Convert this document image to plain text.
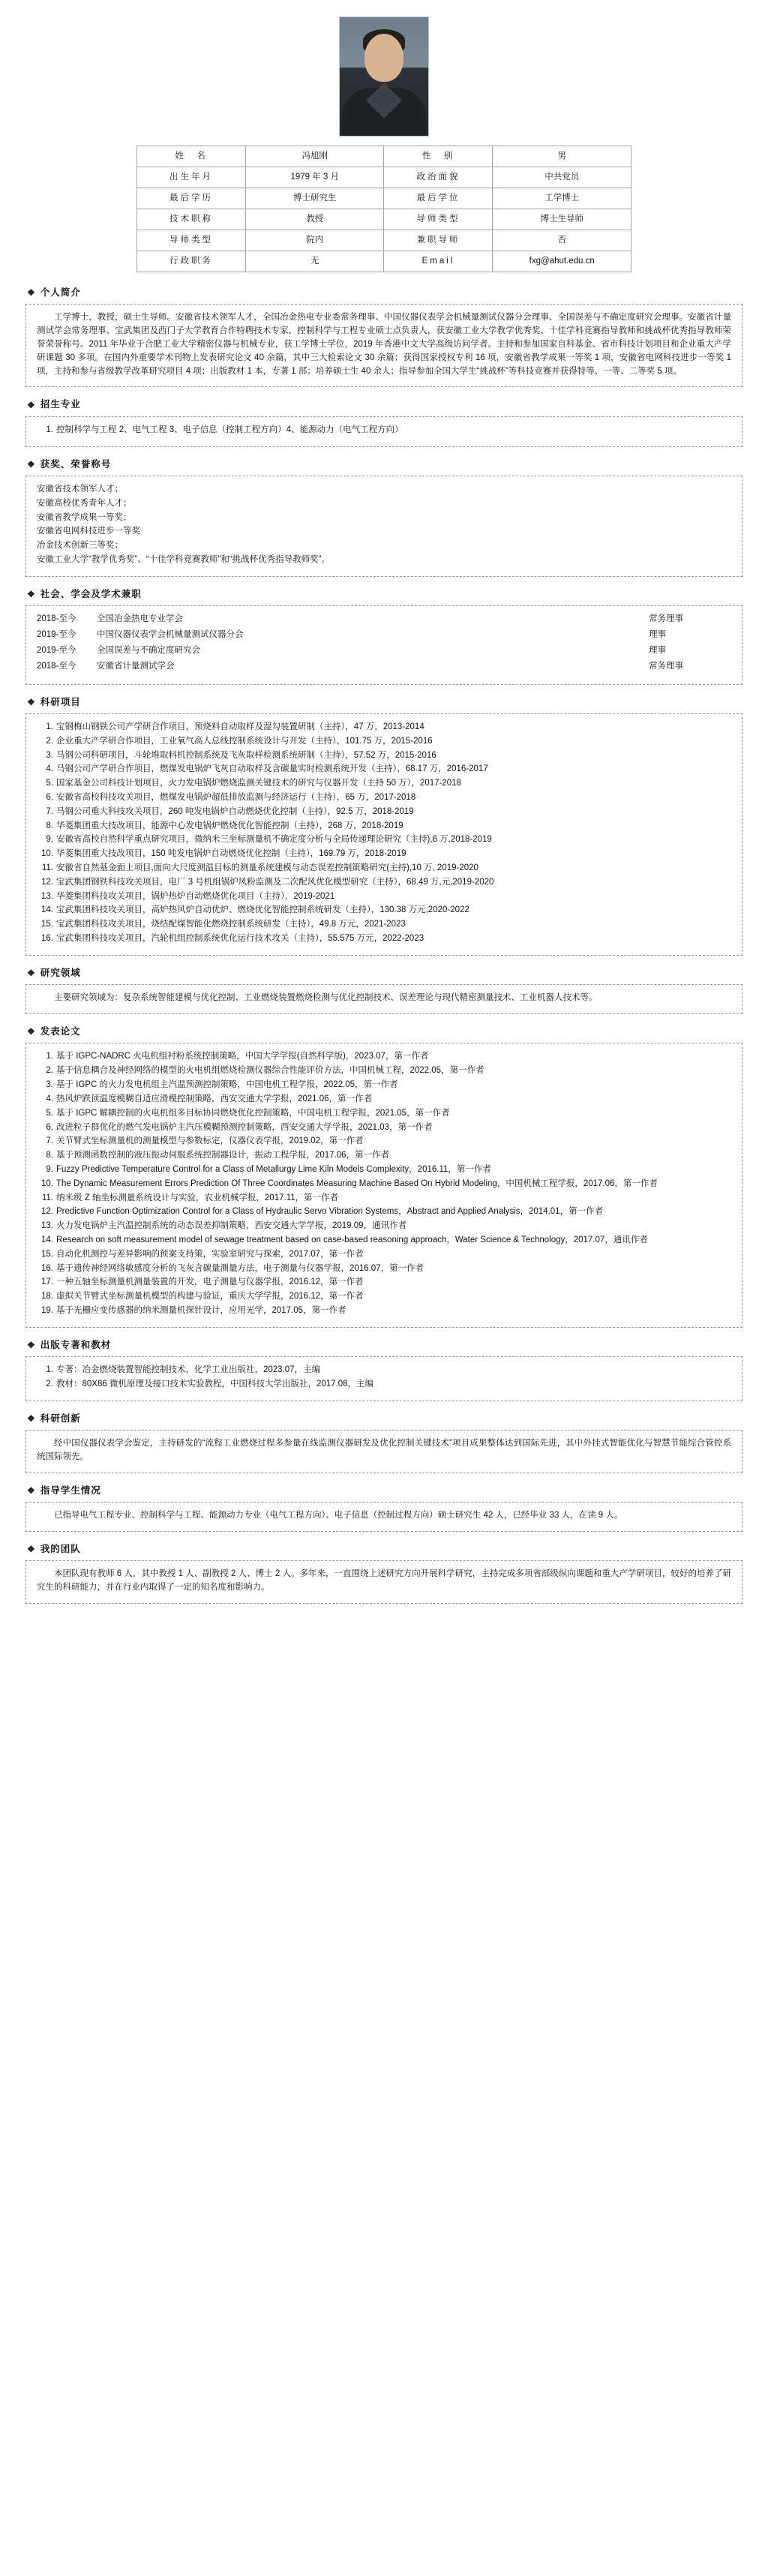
姓　名	冯旭刚	性　别	男
出生年月	1979 年 3 月	政治面貌	中共党员
最后学历	博士研究生	最后学位	工学博士
技术职称	教授	导师类型	博士生导师
导师类型	院内	兼职导师	否
行政职务	无	Email	fxg@ahut.edu.cn
❖ 个人简介

工学博士，教授，硕士生导师。安徽省技术领军人才，全国冶金热电专业委常务理事、中国仪器仪表学会机械量测试仪器分会理事、全国误差与不确定度研究会理事。安徽省计量测试学会常务理事、宝武集团及西门子大学教育合作特聘技术专家，控制科学与工程专业硕士点负责人，获安徽工业大学教学优秀奖、十佳学科竞赛指导教师和挑战杯优秀指导教师荣誉荣誉称号。2011 年毕业于合肥工业大学精密仪器与机械专业，获工学博士学位，2019 年香港中文大学高级访问学者。主持和参加国家自科基金、省市科技计划项目和企业重大产学研课题 30 多项。在国内外重要学术刊物上发表研究论文 40 余篇，其中三大检索论文 30 余篇；获得国家授权专利 16 项，安徽省教学成果一等奖 1 项，安徽省电网科技进步一等奖 1 项，主持和参与省级教学改革研究项目 4 项；出版教材 1 本，专著 1 部；培养硕士生 40 余人；指导参加全国大学生“挑战杯”等科技竞赛并获得特等、一等、二等奖 5 项。

❖ 招生专业
控制科学与工程 2、电气工程 3、电子信息（控制工程方向）4、能源动力（电气工程方向）
❖ 获奖、荣誉称号
安徽省技术领军人才；
安徽高校优秀青年人才；
安徽省教学成果一等奖；
安徽省电网科技进步一等奖
冶金技术创新三等奖；
安徽工业大学“教学优秀奖”、“十佳学科竞赛教师”和“挑战杯优秀指导教师奖”。
❖ 社会、学会及学术兼职
2018-至今	全国冶金热电专业学会	常务理事
2019-至今	中国仪器仪表学会机械量测试仪器分会	理事
2019-至今	全国误差与不确定度研究会	理事
2018-至今	安徽省计量测试学会	常务理事
❖ 科研项目
宝钢梅山钢铁公司产学研合作项目，预烧料自动取样及湿勾装置研制（主持），47 万，2013-2014
企业重大产学研合作项目，工业氧气高人总线控制系统设计与开发（主持），101.75 万，2015-2016
马钢公司科研项目，斗轮堆取料机控制系统及飞灰取样检测系统研制（主持），57.52 万，2015-2016
马钢公司产学研合作项目，燃煤发电锅炉飞灰自动取样及含碳量实时检测系统开发（主持），68.17 万，2016-2017
国家基金公司科技计划项目，火力发电锅炉燃烧监测关键技术的研究与仪器开发（主持 50 万），2017-2018
安徽省高校科技攻关项目，燃煤发电锅炉超低排放监测与经济运行（主持），65 万，2017-2018
马钢公司重大科技攻关项目，260 吨发电锅炉自动燃烧优化控制（主持），92.5 万，2018-2019
华菱集团重大技改项目，能源中心发电锅炉燃烧优化智能控制（主持），268 万，2018-2019
安徽省高校自然科学重点研究项目，微纳米三坐标测量机不确定度分析与全局传递理论研究（主持),6 万,2018-2019
华菱集团重大技改项目，150 吨发电锅炉自动燃烧优化控制（主持），169.79 万，2018-2019
安徽省自然基金面上项目,面向大尺度测温目标的测量系统建模与动态误差控制策略研究(主持),10 万, 2019-2020
宝武集团钢铁科技攻关项目，电厂 3 号机组锅炉风粉监测及二次配风优化模型研究（主持），68.49 万,元,2019-2020
华菱集团科技攻关项目，锅炉热炉自动燃烧优化项目（主持），2019-2021
宝武集团科技攻关项目，高炉热风炉自动优炉、燃烧优化智能控制系统研发（主持），130.38 万元,2020-2022
宝武集团科技攻关项目，烧结配煤智能化燃烧控制系统研发（主持），49.8 万元，2021-2023
宝武集团科技攻关项目，汽轮机组控制系统优化运行技术攻关（主持），55.575 万元，2022-2023
❖ 研究领域

主要研究领域为：复杂系统智能建模与优化控制、工业燃烧装置燃烧检测与优化控制技术、误差理论与现代精密测量技术、工业机器人技术等。

❖ 发表论文
基于 IGPC-NADRC 火电机组衬粉系统控制策略，中国大学学报(自然科学版)，2023.07，第一作者
基于信息耦合及神经网络的模型的火电机组燃烧检测仪器综合性能评价方法，中国机械工程，2022.05，第一作者
基于 IGPC 的火力发电机组主汽温预测控制策略，中国电机工程学报，2022.05，第一作者
热风炉跌顶温度模糊自适应滑模控制策略，西安交通大学学报，2021.06，第一作者
基于 IGPC 解耦控制的火电机组多目标协同燃烧优化控制策略，中国电机工程学报，2021.05，第一作者
改进粒子群优化的燃气发电锅炉主汽压模糊预测控制策略，西安交通大学学报，2021.03，第一作者
关节臂式坐标测量机的测量模型与参数标定，仪器仪表学报，2019.02，第一作者
基于预测函数控制的液压振动伺服系统控制器设计，振动工程学报，2017.06，第一作者
Fuzzy Predictive Temperature Control for a Class of Metallurgy Lime Kiln Models Complexity，2016.11，第一作者
The Dynamic Measurement Errors Prediction Of Three Coordinates Measuring Machine Based On Hybrid Modeling，中国机械工程学报，2017.06，第一作者
纳米级 Z 轴坐标测量系统设计与实验，农业机械学报，2017.11，第一作者
Predictive Function Optimization Control for a Class of Hydraulic Servo Vibration Systems，Abstract and Applied Analysis，2014.01，第一作者
火力发电锅炉主汽温控制系统的动态误差抑制策略，西安交通大学学报，2019.09，通讯作者
Research on soft measurement model of sewage treatment based on case-based reasoning approach，Water Science & Technology，2017.07，通讯作者
自动化机测控与差异影响的预案支持策，实验室研究与探索，2017.07，第一作者
基于遗传神经网络敏感度分析的飞灰含碳量测量方法，电子测量与仪器学报，2016.07，第一作者
一种五轴坐标测量机测量装置的开发，电子测量与仪器学报，2016.12，第一作者
虚拟关节臂式坐标测量机模型的构建与验证，重庆大学学报，2016.12，第一作者
基于光栅应变传感器的纳米测量机探针设计，应用光学，2017.05，第一作者
❖ 出版专著和教材
专著：冶金燃烧装置智能控制技术，化学工业出版社，2023.07，主编
教材：80X86 微机原理及接口技术实验教程，中国科技大学出版社，2017.08，主编
❖ 科研创新

经中国仪器仪表学会鉴定，主持研发的“流程工业燃烧过程多参量在线监测仪器研发及优化控制关键技术”项目成果整体达到国际先进，其中外挂式智能优化与智慧节能综合管控系统国际领先。

❖ 指导学生情况

已指导电气工程专业、控制科学与工程、能源动力专业（电气工程方向）、电子信息（控制过程方向）硕士研究生 42 人，已经毕业 33 人，在读 9 人。

❖ 我的团队

本团队现有教师 6 人，其中教授 1 人、副教授 2 人、博士 2 人。多年来，一直围绕上述研究方向开展科学研究，主持完成多项省部级纵向课题和重大产学研项目，较好的培养了研究生的科研能力，并在行业内取得了一定的知名度和影响力。
